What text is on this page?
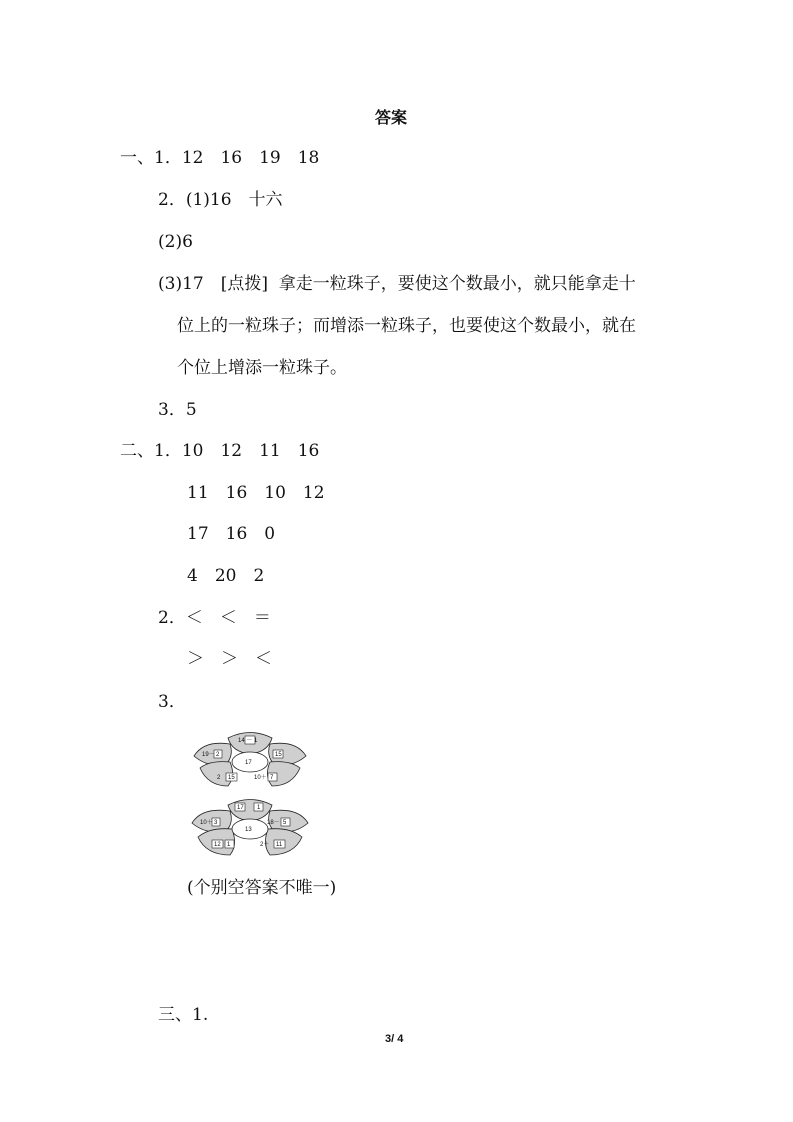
答案
一、1．12　16　19　18
2．(1)16　十六
(2)6
(3)17　[点拨]  拿走一粒珠子，要使这个数最小，就只能拿走十
位上的一粒珠子；而增添一粒珠子，也要使这个数最小，就在
个位上增添一粒珠子。
3．5
二、1．10　12　11　16
11　16　10　12
17　16　0
4　20　2
2．＜　＜　＝
＞　＞　＜
3．
14 － 1
19－ 2
17
15
2 15	10＋ 7
17 1
10＋ 3
13
18－ 5
12 1	2＋ 11
(个别空答案不唯一)
三、1.
3/ 4
